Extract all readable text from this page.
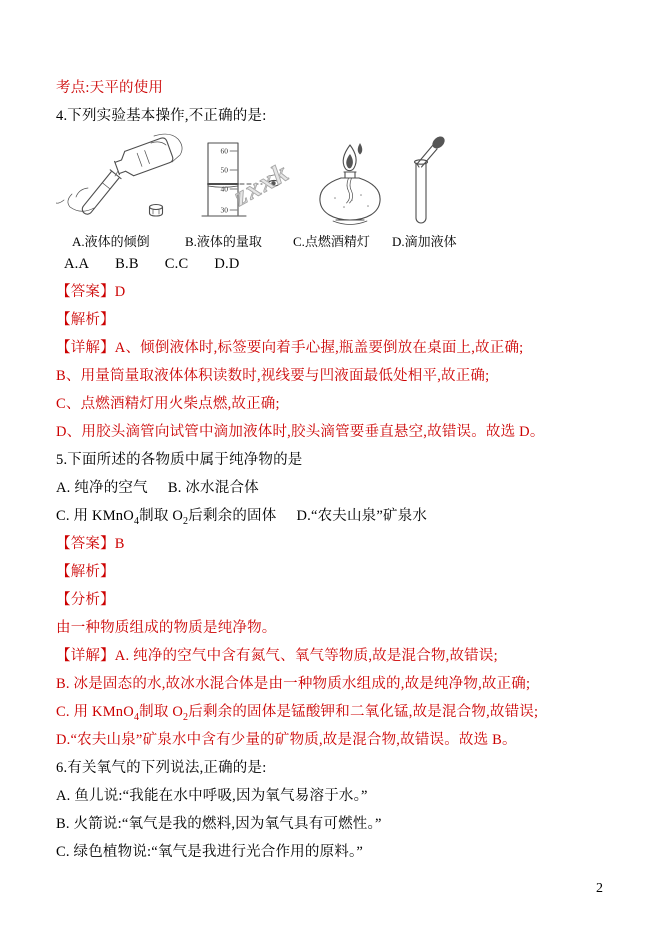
考点:天平的使用

4.下列实验基本操作,不正确的是:

60
50
40
30 zxxk
A.液体的倾倒	B.液体的量取 C.点燃酒精灯 D.滴加液体

A.A B.B C.C D.D

【答案】D

【解析】

【详解】A、倾倒液体时,标签要向着手心握,瓶盖要倒放在桌面上,故正确;

B、用量筒量取液体体积读数时,视线要与凹液面最低处相平,故正确;

C、点燃酒精灯用火柴点燃,故正确;

D、用胶头滴管向试管中滴加液体时,胶头滴管要垂直悬空,故错误。故选 D。

5.下面所述的各物质中属于纯净物的是

A. 纯净的空气 B. 冰水混合体

C. 用 KMnO$_4$制取 $O_2$后剩余的固体 D.“农夫山泉”矿泉水

【答案】B

【解析】

【分析】

由一种物质组成的物质是纯净物。

【详解】A. 纯净的空气中含有氮气、氧气等物质,故是混合物,故错误;

B. 冰是固态的水,故冰水混合体是由一种物质水组成的,故是纯净物,故正确;

C. 用 KMnO$_4$制取 $O_2$后剩余的固体是锰酸钾和二氧化锰,故是混合物,故错误;

D.“农夫山泉”矿泉水中含有少量的矿物质,故是混合物,故错误。故选 B。

6.有关氧气的下列说法,正确的是:

A. 鱼儿说:“我能在水中呼吸,因为氧气易溶于水。”

B. 火箭说:“氧气是我的燃料,因为氧气具有可燃性。”

C. 绿色植物说:“氧气是我进行光合作用的原料。”

2
